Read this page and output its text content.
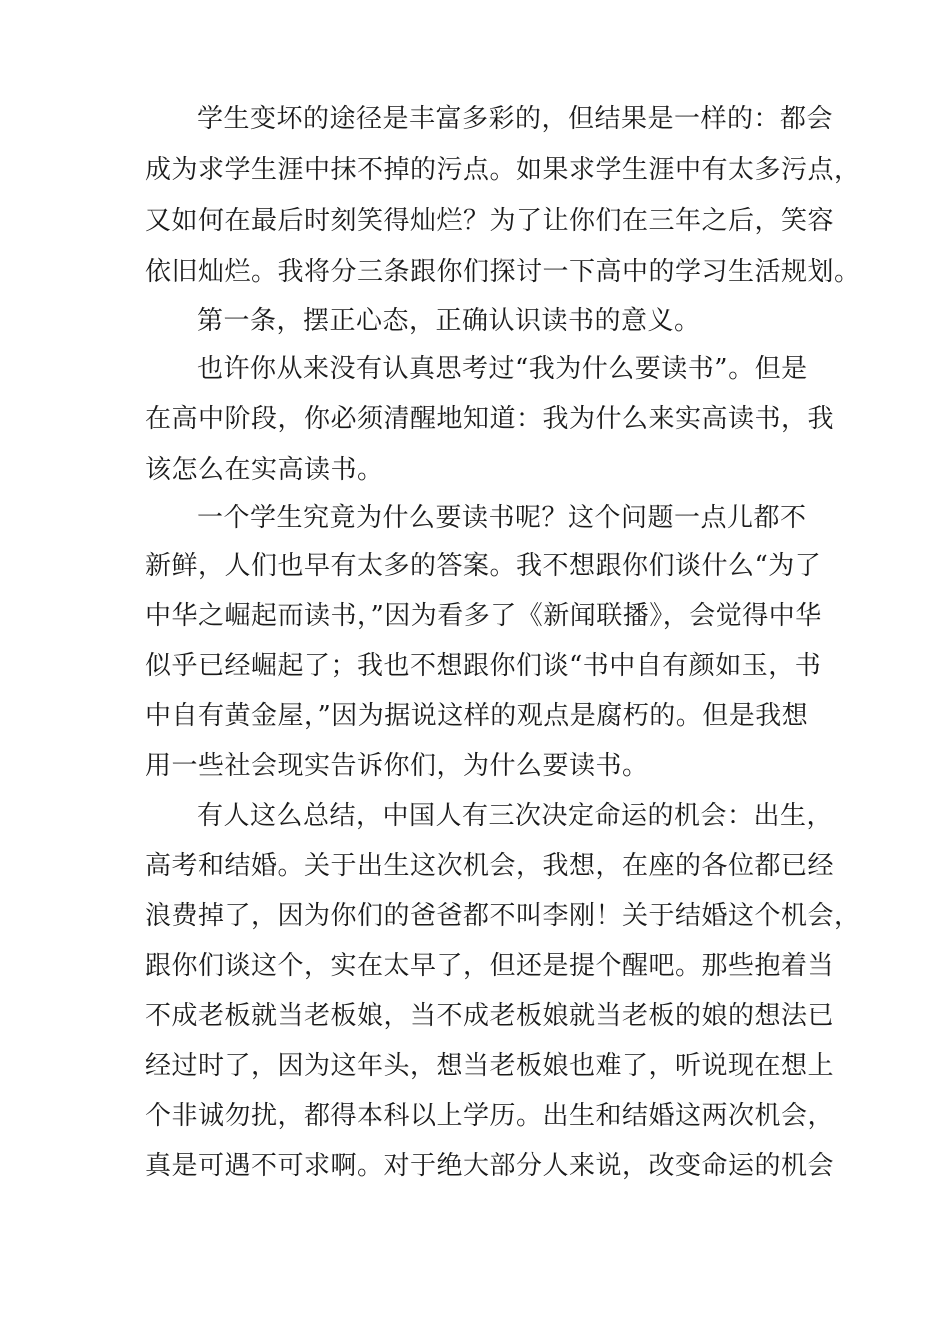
学生变坏的途径是丰富多彩的，但结果是一样的：都会
成为求学生涯中抹不掉的污点。如果求学生涯中有太多污点，
又如何在最后时刻笑得灿烂？为了让你们在三年之后，笑容
依旧灿烂。我将分三条跟你们探讨一下高中的学习生活规划。
第一条，摆正心态，正确认识读书的意义。
也许你从来没有认真思考过“我为什么要读书”。但是
在高中阶段，你必须清醒地知道：我为什么来实高读书，我
该怎么在实高读书。
一个学生究竟为什么要读书呢？这个问题一点儿都不
新鲜，人们也早有太多的答案。我不想跟你们谈什么“为了
中华之崛起而读书，”因为看多了《新闻联播》，会觉得中华
似乎已经崛起了；我也不想跟你们谈“书中自有颜如玉，书
中自有黄金屋，”因为据说这样的观点是腐朽的。但是我想
用一些社会现实告诉你们，为什么要读书。
有人这么总结，中国人有三次决定命运的机会：出生，
高考和结婚。关于出生这次机会，我想，在座的各位都已经
浪费掉了，因为你们的爸爸都不叫李刚！关于结婚这个机会，
跟你们谈这个，实在太早了，但还是提个醒吧。那些抱着当
不成老板就当老板娘，当不成老板娘就当老板的娘的想法已
经过时了，因为这年头，想当老板娘也难了，听说现在想上
个非诚勿扰，都得本科以上学历。出生和结婚这两次机会，
真是可遇不可求啊。对于绝大部分人来说，改变命运的机会
